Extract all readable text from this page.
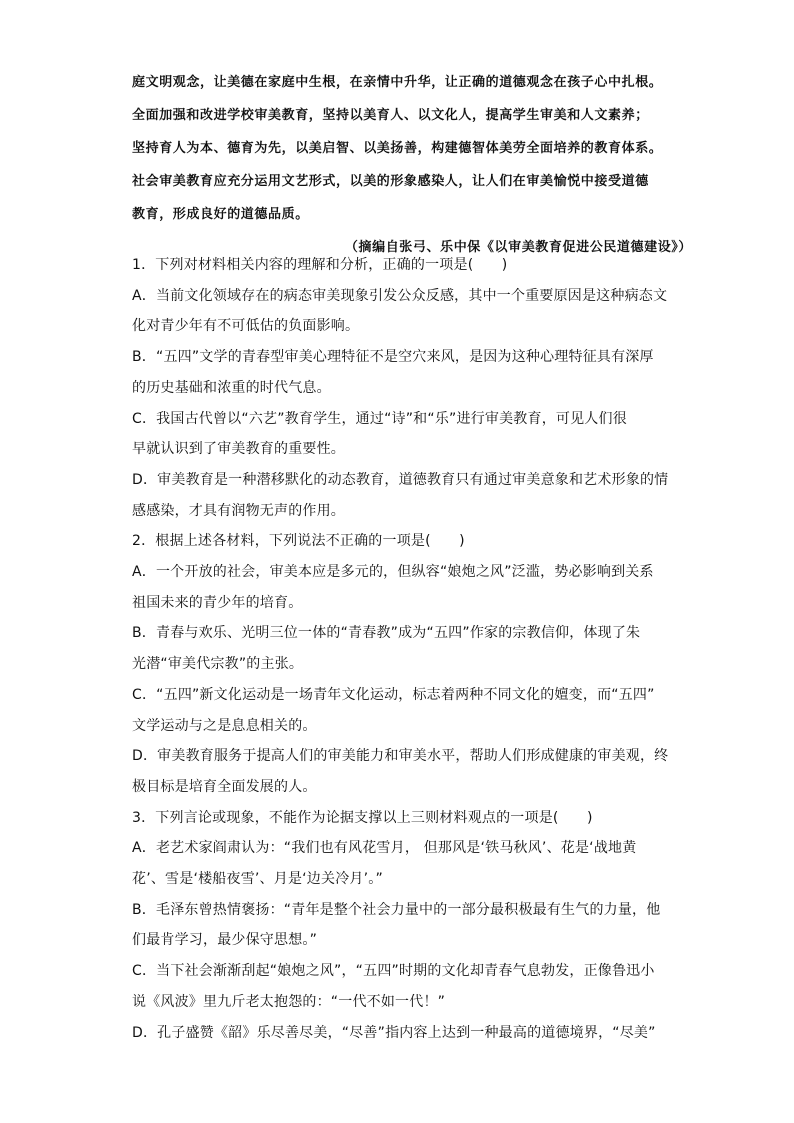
庭文明观念，让美德在家庭中生根，在亲情中升华，让正确的道德观念在孩子心中扎根。

全面加强和改进学校审美教育，坚持以美育人、以文化人，提高学生审美和人文素养；

坚持育人为本、德育为先，以美启智、以美扬善，构建德智体美劳全面培养的教育体系。

社会审美教育应充分运用文艺形式，以美的形象感染人，让人们在审美愉悦中接受道德

教育，形成良好的道德品质。

（摘编自张弓、乐中保《以审美教育促进公民道德建设》）

1．下列对材料相关内容的理解和分析，正确的一项是(　　)

A．当前文化领域存在的病态审美现象引发公众反感，其中一个重要原因是这种病态文

化对青少年有不可低估的负面影响。

B．“五四”文学的青春型审美心理特征不是空穴来风，是因为这种心理特征具有深厚

的历史基础和浓重的时代气息。

C．我国古代曾以“六艺”教育学生，通过“诗”和“乐”进行审美教育，可见人们很

早就认识到了审美教育的重要性。

D．审美教育是一种潜移默化的动态教育，道德教育只有通过审美意象和艺术形象的情

感感染，才具有润物无声的作用。

2．根据上述各材料，下列说法不正确的一项是(　　)

A．一个开放的社会，审美本应是多元的，但纵容“娘炮之风”泛滥，势必影响到关系

祖国未来的青少年的培育。

B．青春与欢乐、光明三位一体的“青春教”成为“五四”作家的宗教信仰，体现了朱

光潜“审美代宗教”的主张。

C．“五四”新文化运动是一场青年文化运动，标志着两种不同文化的嬗变，而“五四”

文学运动与之是息息相关的。

D．审美教育服务于提高人们的审美能力和审美水平，帮助人们形成健康的审美观，终

极目标是培育全面发展的人。

3．下列言论或现象，不能作为论据支撑以上三则材料观点的一项是(　　)

A．老艺术家阎肃认为：“我们也有风花雪月， 但那风是‘铁马秋风’、花是‘战地黄

花’、雪是‘楼船夜雪’、月是‘边关冷月’。”

B．毛泽东曾热情褒扬：“青年是整个社会力量中的一部分最积极最有生气的力量，他

们最肯学习，最少保守思想。”

C．当下社会渐渐刮起“娘炮之风”，“五四”时期的文化却青春气息勃发，正像鲁迅小

说《风波》里九斤老太抱怨的：“一代不如一代！”

D．孔子盛赞《韶》乐尽善尽美，“尽善”指内容上达到一种最高的道德境界，“尽美”
